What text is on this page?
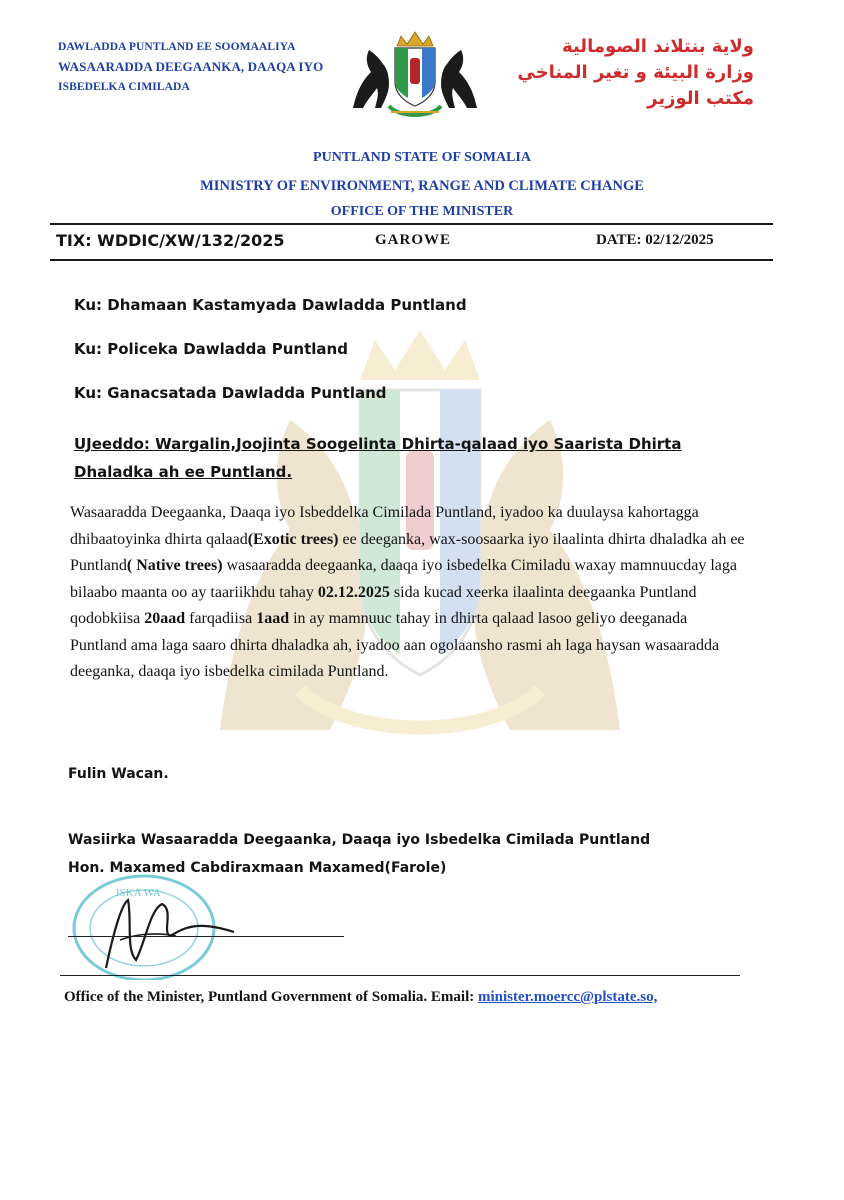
DAWLADDA PUNTLAND EE SOOMAALIYA
WASAARADDA DEEGAANKA, DAAQA IYO
ISBEDELKA CIMILADA
ولاية بنتلاند الصومالية
وزارة البيئة و تغير المناخي
مكتب الوزير
PUNTLAND STATE OF SOMALIA
MINISTRY OF ENVIRONMENT, RANGE AND CLIMATE CHANGE
OFFICE OF THE MINISTER
TIX: WDDIC/XW/132/2025	GAROWE	DATE: 02/12/2025
Ku: Dhamaan Kastamyada Dawladda Puntland
Ku: Policeka Dawladda Puntland
Ku: Ganacsatada Dawladda Puntland
UJeeddo: Wargalin,Joojinta Soogelinta Dhirta-qalaad iyo Saarista Dhirta Dhaladka ah ee Puntland.
Wasaaradda Deegaanka, Daaqa iyo Isbeddelka Cimilada Puntland, iyadoo ka duulaysa kahortagga dhibaatoyinka dhirta qalaad(Exotic trees) ee deeganka, wax-soosaarka iyo ilaalinta dhirta dhaladka ah ee Puntland( Native trees) wasaaradda deegaanka, daaqa iyo isbedelka Cimiladu waxay mamnuucday laga bilaabo maanta oo ay taariikhdu tahay 02.12.2025 sida kucad xeerka ilaalinta deegaanka Puntland qodobkiisa 20aad farqadiisa 1aad in ay mamnuuc tahay in dhirta qalaad lasoo geliyo deeganada Puntland ama laga saaro dhirta dhaladka ah, iyadoo aan ogolaansho rasmi ah laga haysan wasaaradda deeganka, daaqa iyo isbedelka cimilada Puntland.
Fulin Wacan.
Wasiirka Wasaaradda Deegaanka, Daaqa iyo Isbedelka Cimilada Puntland
Hon. Maxamed Cabdiraxmaan Maxamed(Farole)
ISKA WA
Office of the Minister, Puntland Government of Somalia. Email: minister.moercc@plstate.so,
